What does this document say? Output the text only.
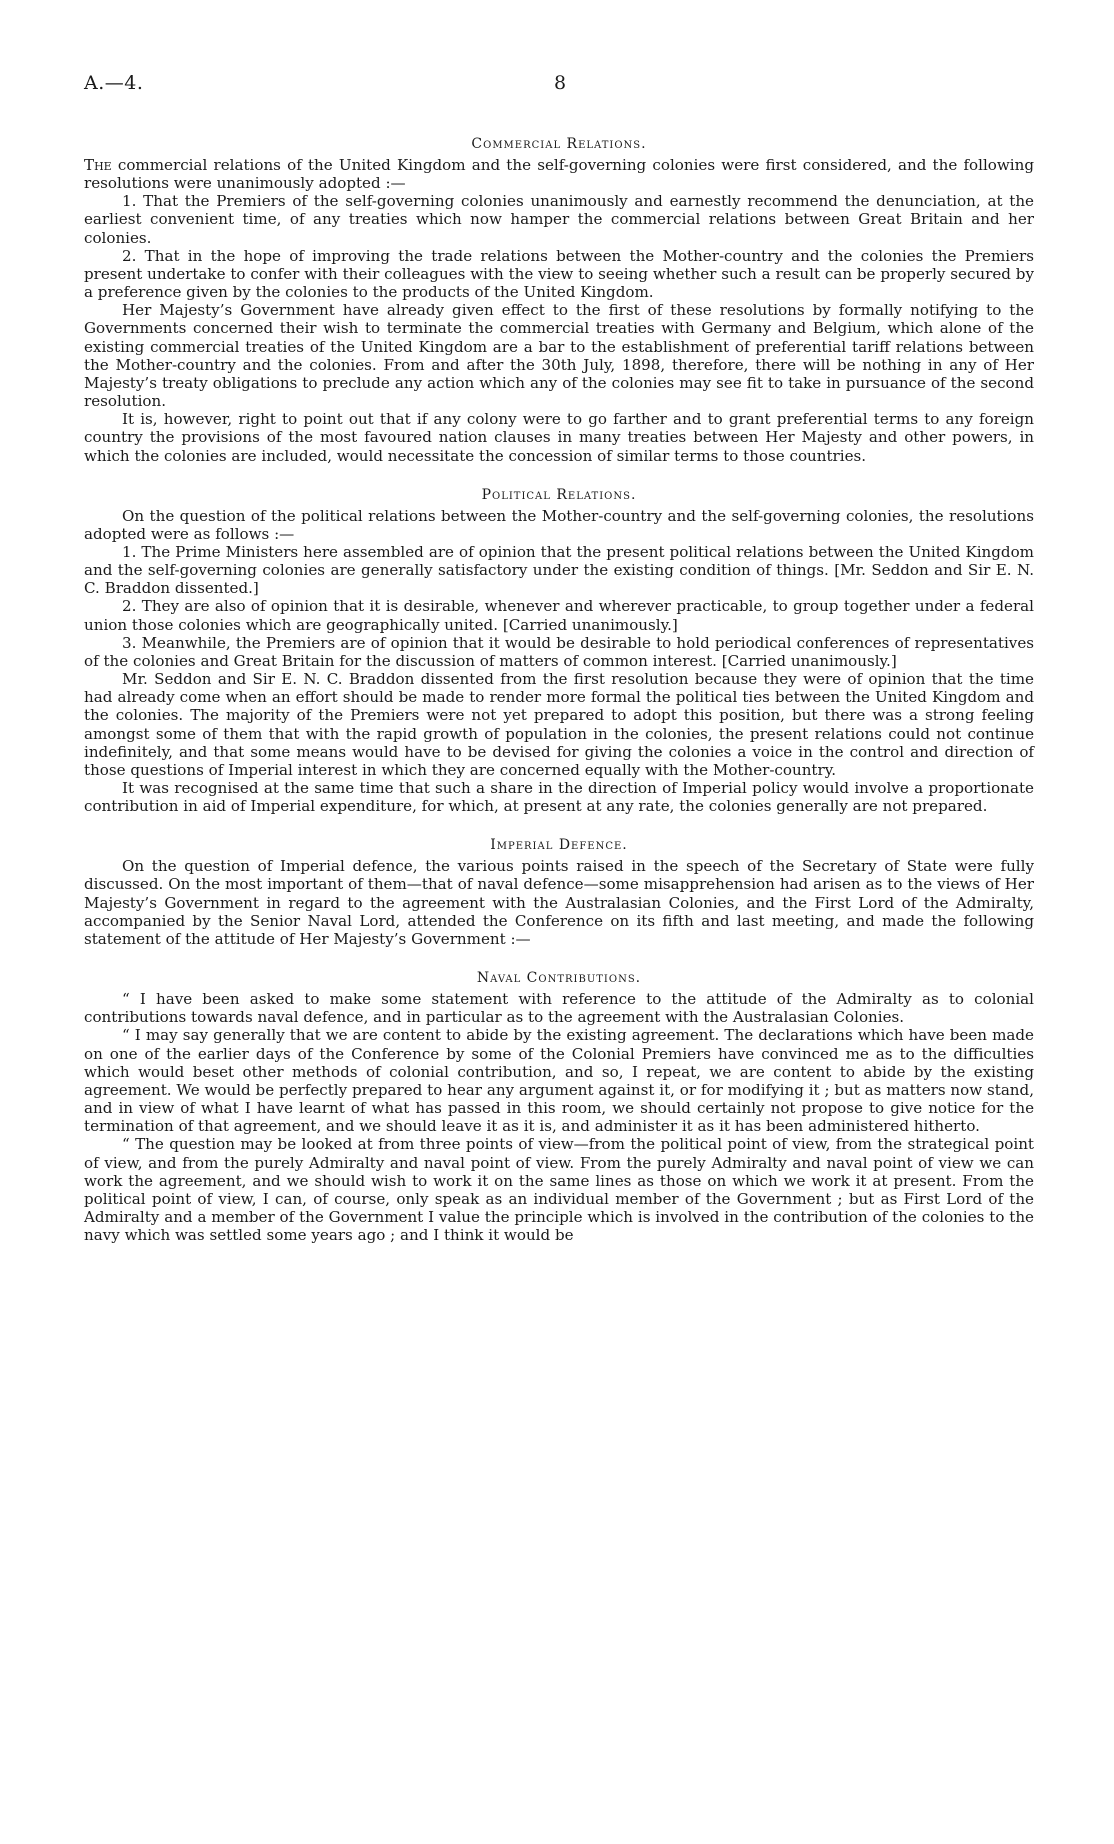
A.—4.	8
Commercial Relations.

The commercial relations of the United Kingdom and the self-governing colonies were first considered, and the following resolutions were unanimously adopted :—

1. That the Premiers of the self-governing colonies unanimously and earnestly recommend the denunciation, at the earliest convenient time, of any treaties which now hamper the commercial relations between Great Britain and her colonies.

2. That in the hope of improving the trade relations between the Mother-country and the colonies the Premiers present undertake to confer with their colleagues with the view to seeing whether such a result can be properly secured by a preference given by the colonies to the products of the United Kingdom.

Her Majesty’s Government have already given effect to the first of these resolutions by formally notifying to the Governments concerned their wish to terminate the commercial treaties with Germany and Belgium, which alone of the existing commercial treaties of the United Kingdom are a bar to the establishment of preferential tariff relations between the Mother-country and the colonies. From and after the 30th July, 1898, therefore, there will be nothing in any of Her Majesty’s treaty obligations to preclude any action which any of the colonies may see fit to take in pursuance of the second resolution.

It is, however, right to point out that if any colony were to go farther and to grant preferential terms to any foreign country the provisions of the most favoured nation clauses in many treaties between Her Majesty and other powers, in which the colonies are included, would necessitate the concession of similar terms to those countries.

Political Relations.

On the question of the political relations between the Mother-country and the self-governing colonies, the resolutions adopted were as follows :—

1. The Prime Ministers here assembled are of opinion that the present political relations between the United Kingdom and the self-governing colonies are generally satisfactory under the existing condition of things. [Mr. Seddon and Sir E. N. C. Braddon dissented.]

2. They are also of opinion that it is desirable, whenever and wherever practicable, to group together under a federal union those colonies which are geographically united. [Carried unanimously.]

3. Meanwhile, the Premiers are of opinion that it would be desirable to hold periodical conferences of representatives of the colonies and Great Britain for the discussion of matters of common interest. [Carried unanimously.]

Mr. Seddon and Sir E. N. C. Braddon dissented from the first resolution because they were of opinion that the time had already come when an effort should be made to render more formal the political ties between the United Kingdom and the colonies. The majority of the Premiers were not yet prepared to adopt this position, but there was a strong feeling amongst some of them that with the rapid growth of population in the colonies, the present relations could not continue indefinitely, and that some means would have to be devised for giving the colonies a voice in the control and direction of those questions of Imperial interest in which they are concerned equally with the Mother-country.

It was recognised at the same time that such a share in the direction of Imperial policy would involve a proportionate contribution in aid of Imperial expenditure, for which, at present at any rate, the colonies generally are not prepared.

Imperial Defence.

On the question of Imperial defence, the various points raised in the speech of the Secretary of State were fully discussed. On the most important of them—that of naval defence—some misapprehension had arisen as to the views of Her Majesty’s Government in regard to the agreement with the Australasian Colonies, and the First Lord of the Admiralty, accompanied by the Senior Naval Lord, attended the Conference on its fifth and last meeting, and made the following statement of the attitude of Her Majesty’s Government :—

Naval Contributions.

“ I have been asked to make some statement with reference to the attitude of the Admiralty as to colonial contributions towards naval defence, and in particular as to the agreement with the Australasian Colonies.

“ I may say generally that we are content to abide by the existing agreement. The declarations which have been made on one of the earlier days of the Conference by some of the Colonial Premiers have convinced me as to the difficulties which would beset other methods of colonial contribution, and so, I repeat, we are content to abide by the existing agreement. We would be perfectly prepared to hear any argument against it, or for modifying it ; but as matters now stand, and in view of what I have learnt of what has passed in this room, we should certainly not propose to give notice for the termination of that agreement, and we should leave it as it is, and administer it as it has been administered hitherto.

“ The question may be looked at from three points of view—from the political point of view, from the strategical point of view, and from the purely Admiralty and naval point of view. From the purely Admiralty and naval point of view we can work the agreement, and we should wish to work it on the same lines as those on which we work it at present. From the political point of view, I can, of course, only speak as an individual member of the Government ; but as First Lord of the Admiralty and a member of the Government I value the principle which is involved in the contribution of the colonies to the navy which was settled some years ago ; and I think it would be
